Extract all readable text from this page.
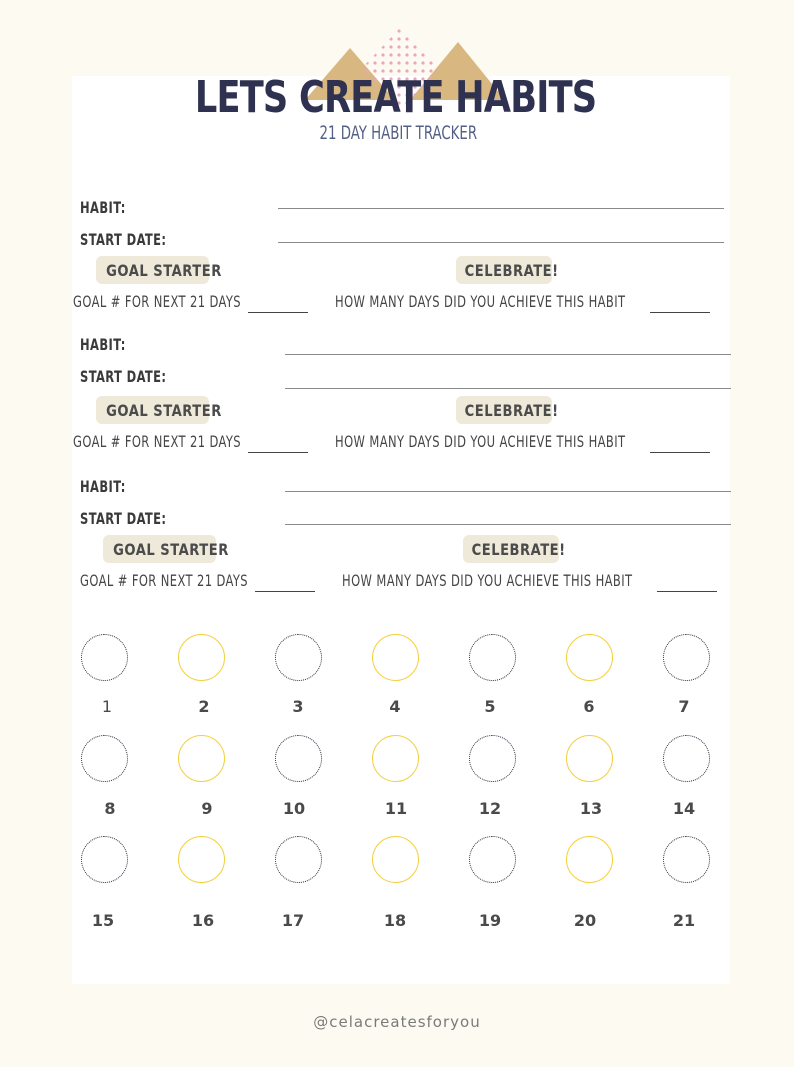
LETS CREATE HABITS
21 DAY HABIT TRACKER
HABIT:
START DATE:
GOAL STARTER	CELEBRATE!
GOAL # FOR NEXT 21 DAYS	HOW MANY DAYS DID YOU ACHIEVE THIS HABIT
HABIT:
START DATE:
GOAL STARTER	CELEBRATE!
GOAL # FOR NEXT 21 DAYS	HOW MANY DAYS DID YOU ACHIEVE THIS HABIT
HABIT:
START DATE:
GOAL STARTER	CELEBRATE!
GOAL # FOR NEXT 21 DAYS	HOW MANY DAYS DID YOU ACHIEVE THIS HABIT
1	2	3	4	5	6	7
8	9	10	11	12	13	14
15	16	17	18	19	20	21
@celacreatesforyou
